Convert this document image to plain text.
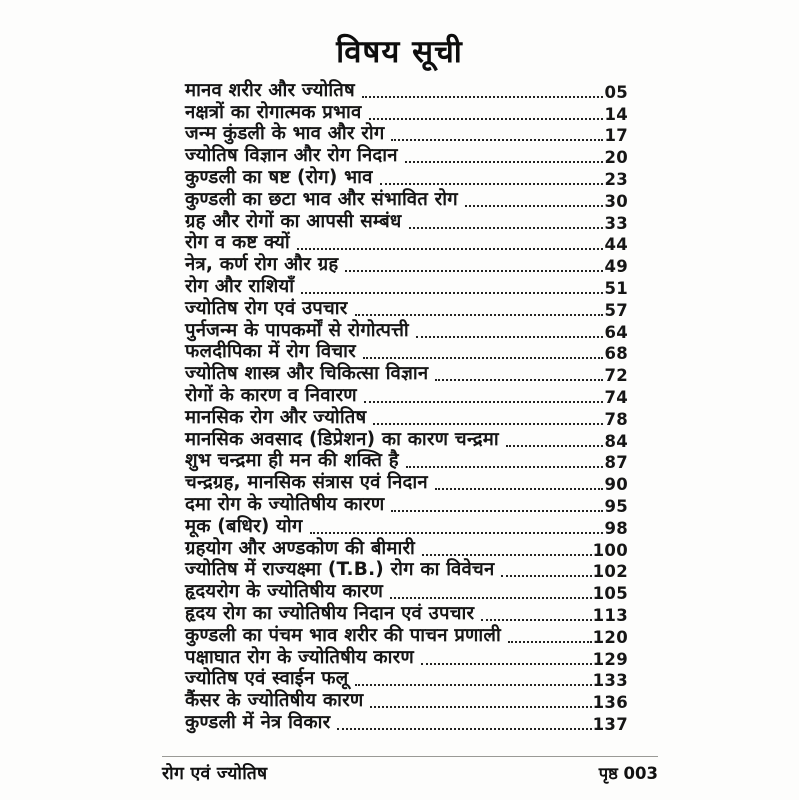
विषय सूची
मानव शरीर और ज्योतिष	05
नक्षत्रों का रोगात्मक प्रभाव	14
जन्म कुंडली के भाव और रोग	17
ज्योतिष विज्ञान और रोग निदान	20
कुण्डली का षष्ट (रोग) भाव	23
कुण्डली का छटा भाव और संभावित रोग	30
ग्रह और रोगों का आपसी सम्बंध	33
रोग व कष्ट क्यों	44
नेत्र, कर्ण रोग और ग्रह	49
रोग और राशियाँ	51
ज्योतिष रोग एवं उपचार	57
पुर्नजन्म के पापकर्मों से रोगोत्पत्ती	64
फलदीपिका में रोग विचार	68
ज्योतिष शास्त्र और चिकित्सा विज्ञान	72
रोगों के कारण व निवारण	74
मानसिक रोग और ज्योतिष	78
मानसिक अवसाद (डिप्रेशन) का कारण चन्द्रमा	84
शुभ चन्द्रमा ही मन की शक्ति है	87
चन्द्रग्रह, मानसिक संत्रास एवं निदान	90
दमा रोग के ज्योतिषीय कारण	95
मूक (बधिर) योग	98
ग्रहयोग और अण्डकोण की बीमारी	100
ज्योतिष में राज्यक्ष्मा (T.B.) रोग का विवेचन	102
हृदयरोग के ज्योतिषीय कारण	105
हृदय रोग का ज्योतिषीय निदान एवं उपचार	113
कुण्डली का पंचम भाव शरीर की पाचन प्रणाली	120
पक्षाघात रोग के ज्योतिषीय कारण	129
ज्योतिष एवं स्वाईन फलू	133
कैंसर के ज्योतिषीय कारण	136
कुण्डली में नेत्र विकार	137
रोग एवं ज्योतिष	पृष्ठ 003
